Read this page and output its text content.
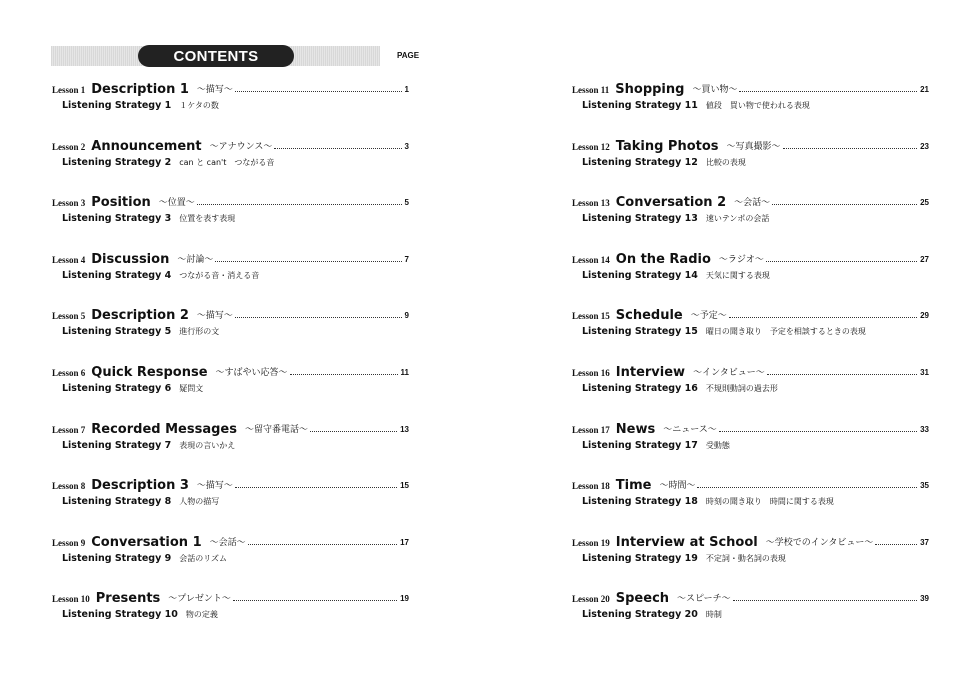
CONTENTS	PAGE
Lesson 1 Description 1 ～描写～	1
Listening Strategy 1 １ケタの数
Lesson 2 Announcement ～アナウンス～	3
Listening Strategy 2 can と can't　つながる音
Lesson 3 Position ～位置～	5
Listening Strategy 3 位置を表す表現
Lesson 4 Discussion ～討論～	7
Listening Strategy 4 つながる音・消える音
Lesson 5 Description 2 ～描写～	9
Listening Strategy 5 進行形の文
Lesson 6 Quick Response ～すばやい応答～	11
Listening Strategy 6 疑問文
Lesson 7 Recorded Messages ～留守番電話～	13
Listening Strategy 7 表現の言いかえ
Lesson 8 Description 3 ～描写～	15
Listening Strategy 8 人物の描写
Lesson 9 Conversation 1 ～会話～	17
Listening Strategy 9 会話のリズム
Lesson 10 Presents ～プレゼント～	19
Listening Strategy 10 物の定義
Lesson 11 Shopping ～買い物～	21
Listening Strategy 11 値段　買い物で使われる表現
Lesson 12 Taking Photos ～写真撮影～	23
Listening Strategy 12 比較の表現
Lesson 13 Conversation 2 ～会話～	25
Listening Strategy 13 速いテンポの会話
Lesson 14 On the Radio ～ラジオ～	27
Listening Strategy 14 天気に関する表現
Lesson 15 Schedule ～予定～	29
Listening Strategy 15 曜日の聞き取り　予定を相談するときの表現
Lesson 16 Interview ～インタビュー～	31
Listening Strategy 16 不規則動詞の過去形
Lesson 17 News ～ニュース～	33
Listening Strategy 17 受動態
Lesson 18 Time ～時間～	35
Listening Strategy 18 時刻の聞き取り　時間に関する表現
Lesson 19 Interview at School ～学校でのインタビュー～	37
Listening Strategy 19 不定詞・動名詞の表現
Lesson 20 Speech ～スピーチ～	39
Listening Strategy 20 時制
